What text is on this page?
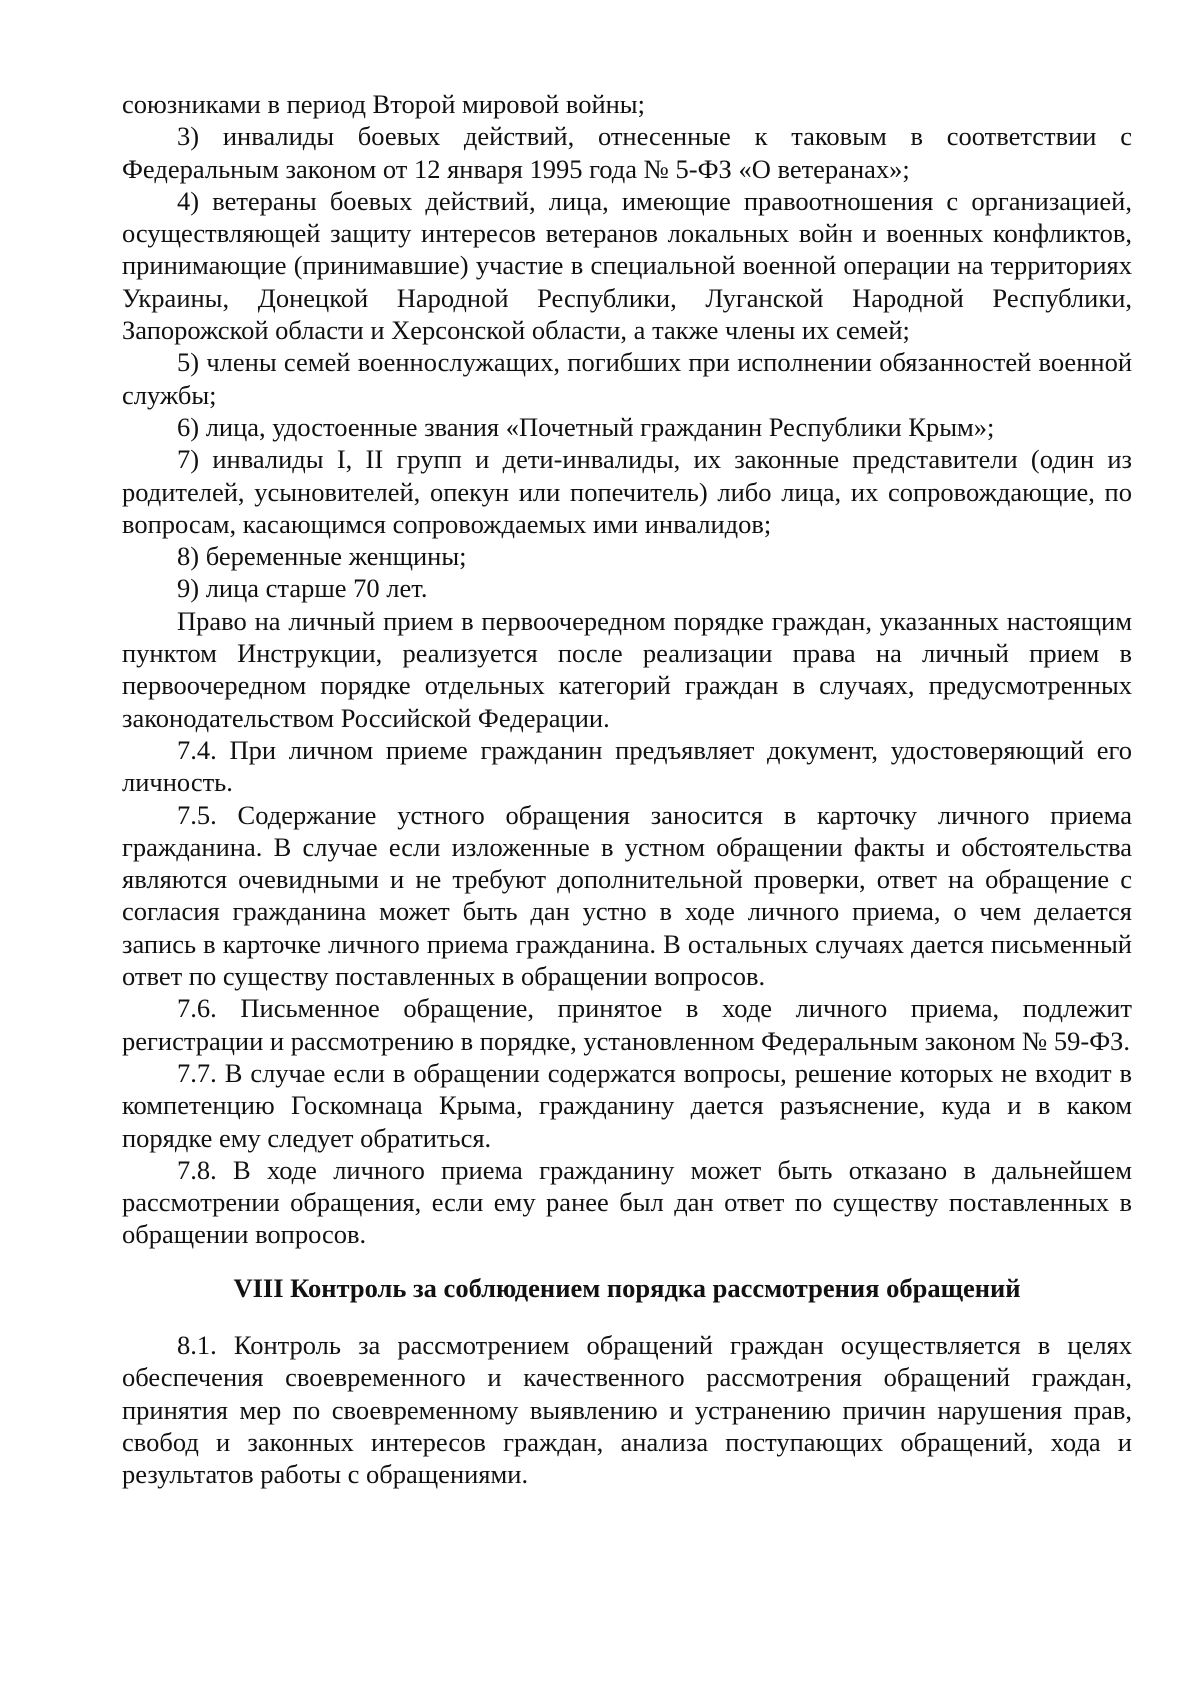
союзниками в период Второй мировой войны;

3) инвалиды боевых действий, отнесенные к таковым в соответствии с Федеральным законом от 12 января 1995 года № 5-ФЗ «О ветеранах»;

4) ветераны боевых действий, лица, имеющие правоотношения с организацией, осуществляющей защиту интересов ветеранов локальных войн и военных конфликтов, принимающие (принимавшие) участие в специальной военной операции на территориях Украины, Донецкой Народной Республики, Луганской Народной Республики, Запорожской области и Херсонской области, а также члены их семей;

5) члены семей военнослужащих, погибших при исполнении обязанностей военной службы;

6) лица, удостоенные звания «Почетный гражданин Республики Крым»;

7) инвалиды I, II групп и дети-инвалиды, их законные представители (один из родителей, усыновителей, опекун или попечитель) либо лица, их сопровождающие, по вопросам, касающимся сопровождаемых ими инвалидов;

8) беременные женщины;

9) лица старше 70 лет.

Право на личный прием в первоочередном порядке граждан, указанных настоящим пунктом Инструкции, реализуется после реализации права на личный прием в первоочередном порядке отдельных категорий граждан в случаях, предусмотренных законодательством Российской Федерации.

7.4. При личном приеме гражданин предъявляет документ, удостоверяющий его личность.

7.5. Содержание устного обращения заносится в карточку личного приема гражданина. В случае если изложенные в устном обращении факты и обстоятельства являются очевидными и не требуют дополнительной проверки, ответ на обращение с согласия гражданина может быть дан устно в ходе личного приема, о чем делается запись в карточке личного приема гражданина. В остальных случаях дается письменный ответ по существу поставленных в обращении вопросов.

7.6. Письменное обращение, принятое в ходе личного приема, подлежит регистрации и рассмотрению в порядке, установленном Федеральным законом № 59-ФЗ.

7.7. В случае если в обращении содержатся вопросы, решение которых не входит в компетенцию Госкомнаца Крыма, гражданину дается разъяснение, куда и в каком порядке ему следует обратиться.

7.8. В ходе личного приема гражданину может быть отказано в дальнейшем рассмотрении обращения, если ему ранее был дан ответ по существу поставленных в обращении вопросов.

VIII Контроль за соблюдением порядка рассмотрения обращений

8.1. Контроль за рассмотрением обращений граждан осуществляется в целях обеспечения своевременного и качественного рассмотрения обращений граждан, принятия мер по своевременному выявлению и устранению причин нарушения прав, свобод и законных интересов граждан, анализа поступающих обращений, хода и результатов работы с обращениями.
